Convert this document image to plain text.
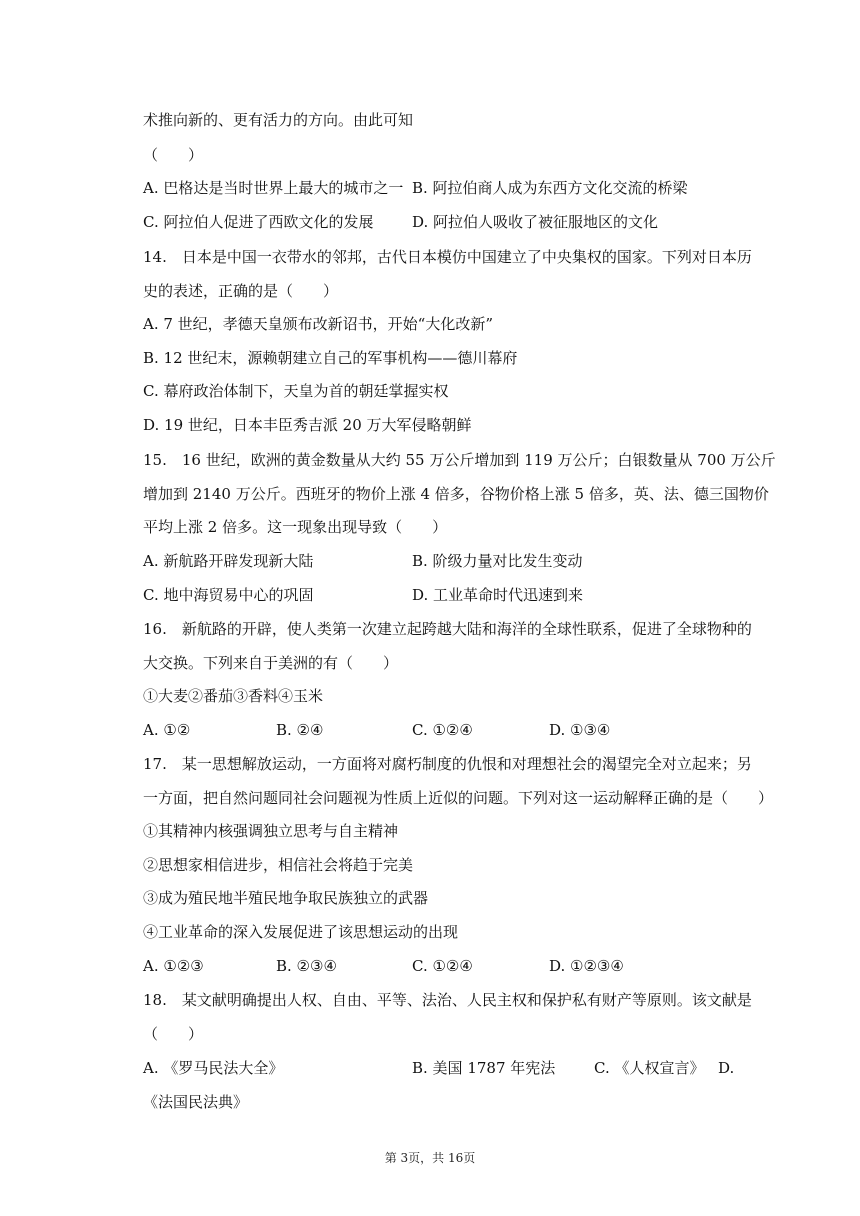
术推向新的、更有活力的方向。由此可知
（　　）
A. 巴格达是当时世界上最大的城市之一 B. 阿拉伯商人成为东西方文化交流的桥梁
C. 阿拉伯人促进了西欧文化的发展	D. 阿拉伯人吸收了被征服地区的文化
14.　日本是中国一衣带水的邻邦，古代日本模仿中国建立了中央集权的国家。下列对日本历
史的表述，正确的是（　　）
A. 7 世纪，孝德天皇颁布改新诏书，开始“大化改新”
B. 12 世纪末，源赖朝建立自己的军事机构——德川幕府
C. 幕府政治体制下，天皇为首的朝廷掌握实权
D. 19 世纪，日本丰臣秀吉派 20 万大军侵略朝鲜
15.　16 世纪，欧洲的黄金数量从大约 55 万公斤增加到 119 万公斤；白银数量从 700 万公斤
增加到 2140 万公斤。西班牙的物价上涨 4 倍多，谷物价格上涨 5 倍多，英、法、德三国物价
平均上涨 2 倍多。这一现象出现导致（　　）
A. 新航路开辟发现新大陆	B. 阶级力量对比发生变动
C. 地中海贸易中心的巩固	D. 工业革命时代迅速到来
16.　新航路的开辟，使人类第一次建立起跨越大陆和海洋的全球性联系，促进了全球物种的
大交换。下列来自于美洲的有（　　）
①大麦②番茄③香料④玉米
A. ①②	B. ②④	C. ①②④	D. ①③④
17.　某一思想解放运动，一方面将对腐朽制度的仇恨和对理想社会的渴望完全对立起来；另
一方面，把自然问题同社会问题视为性质上近似的问题。下列对这一运动解释正确的是（　　）
①其精神内核强调独立思考与自主精神
②思想家相信进步，相信社会将趋于完美
③成为殖民地半殖民地争取民族独立的武器
④工业革命的深入发展促进了该思想运动的出现
A. ①②③	B. ②③④	C. ①②④	D. ①②③④
18.　某文献明确提出人权、自由、平等、法治、人民主权和保护私有财产等原则。该文献是
（　　）
A. 《罗马民法大全》	B. 美国 1787 年宪法	C. 《人权宣言》 D.
《法国民法典》
第 3页，共 16页
